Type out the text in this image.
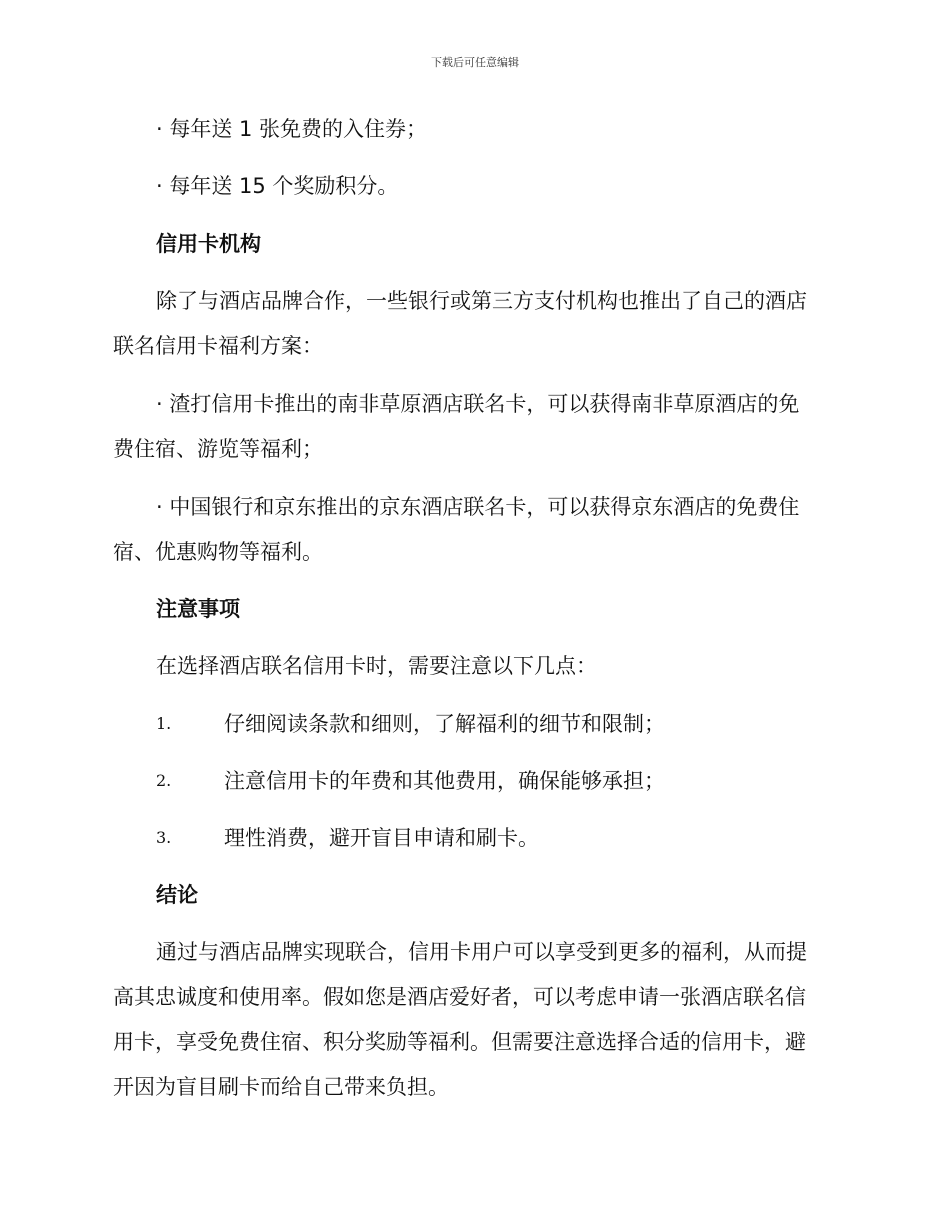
下载后可任意编辑
· 每年送 1 张免费的入住券；
· 每年送 15 个奖励积分。
信用卡机构
除了与酒店品牌合作，一些银行或第三方支付机构也推出了自己的酒店
联名信用卡福利方案：
· 渣打信用卡推出的南非草原酒店联名卡，可以获得南非草原酒店的免
费住宿、游览等福利；
· 中国银行和京东推出的京东酒店联名卡，可以获得京东酒店的免费住
宿、优惠购物等福利。
注意事项
在选择酒店联名信用卡时，需要注意以下几点：
1.	仔细阅读条款和细则，了解福利的细节和限制；
2.	注意信用卡的年费和其他费用，确保能够承担；
3.	理性消费，避开盲目申请和刷卡。
结论
通过与酒店品牌实现联合，信用卡用户可以享受到更多的福利，从而提
高其忠诚度和使用率。假如您是酒店爱好者，可以考虑申请一张酒店联名信
用卡，享受免费住宿、积分奖励等福利。但需要注意选择合适的信用卡，避
开因为盲目刷卡而给自己带来负担。
